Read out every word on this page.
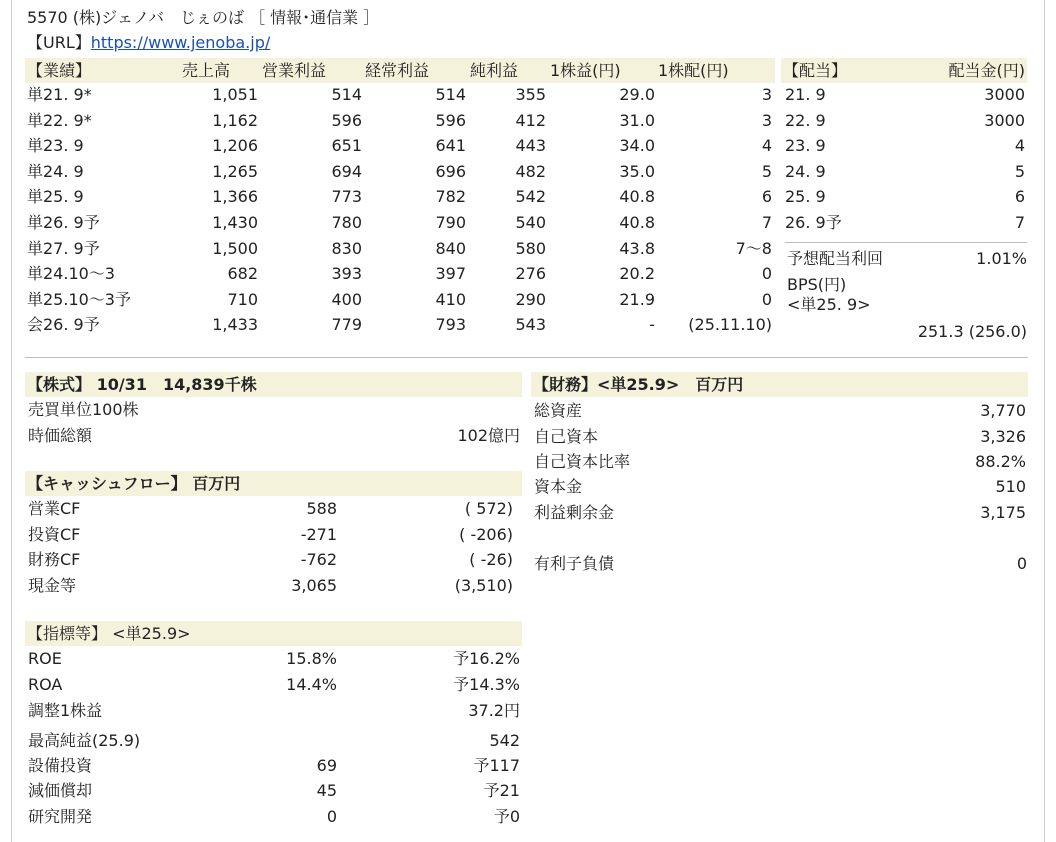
5570 (株)ジェノバ　じぇのば ［ 情報･通信業 ］
【URL】https://www.jenoba.jp/
【業績】	売上高 営業利益 経常利益	純利益 1株益(円) 1株配(円)
単21. 9*	1,051	514	514	355	29.0	3
単22. 9*	1,162	596	596	412	31.0	3
単23. 9	1,206	651	641	443	34.0	4
単24. 9	1,265	694	696	482	35.0	5
単25. 9	1,366	773	782	542	40.8	6
単26. 9予	1,430	780	790	540	40.8	7
単27. 9予	1,500	830	840	580	43.8	7～8
単24.10～3	682	393	397	276	20.2	0
単25.10～3予	710	400	410	290	21.9	0
会26. 9予	1,433	779	793	543	- (25.11.10)
【配当】	配当金(円)
21. 9	3000
22. 9	3000
23. 9	4
24. 9	5
25. 9	6
26. 9予	7
予想配当利回	1.01%
BPS(円)
<単25. 9>
251.3 (256.0)
【株式】 10/31　14,839千株
売買単位100株
時価総額	102億円
【キャッシュフロー】 百万円
営業CF	588	( 572)
投資CF	-271	( -206)
財務CF	-762	( -26)
現金等	3,065	(3,510)
【指標等】 <単25.9>
ROE	15.8%	予16.2%
ROA	14.4%	予14.3%
調整1株益	37.2円
最高純益(25.9)	542
設備投資	69	予117
減価償却	45	予21
研究開発	0	予0
【財務】<単25.9>　百万円
総資産	3,770
自己資本	3,326
自己資本比率	88.2%
資本金	510
利益剰余金	3,175
有利子負債	0
